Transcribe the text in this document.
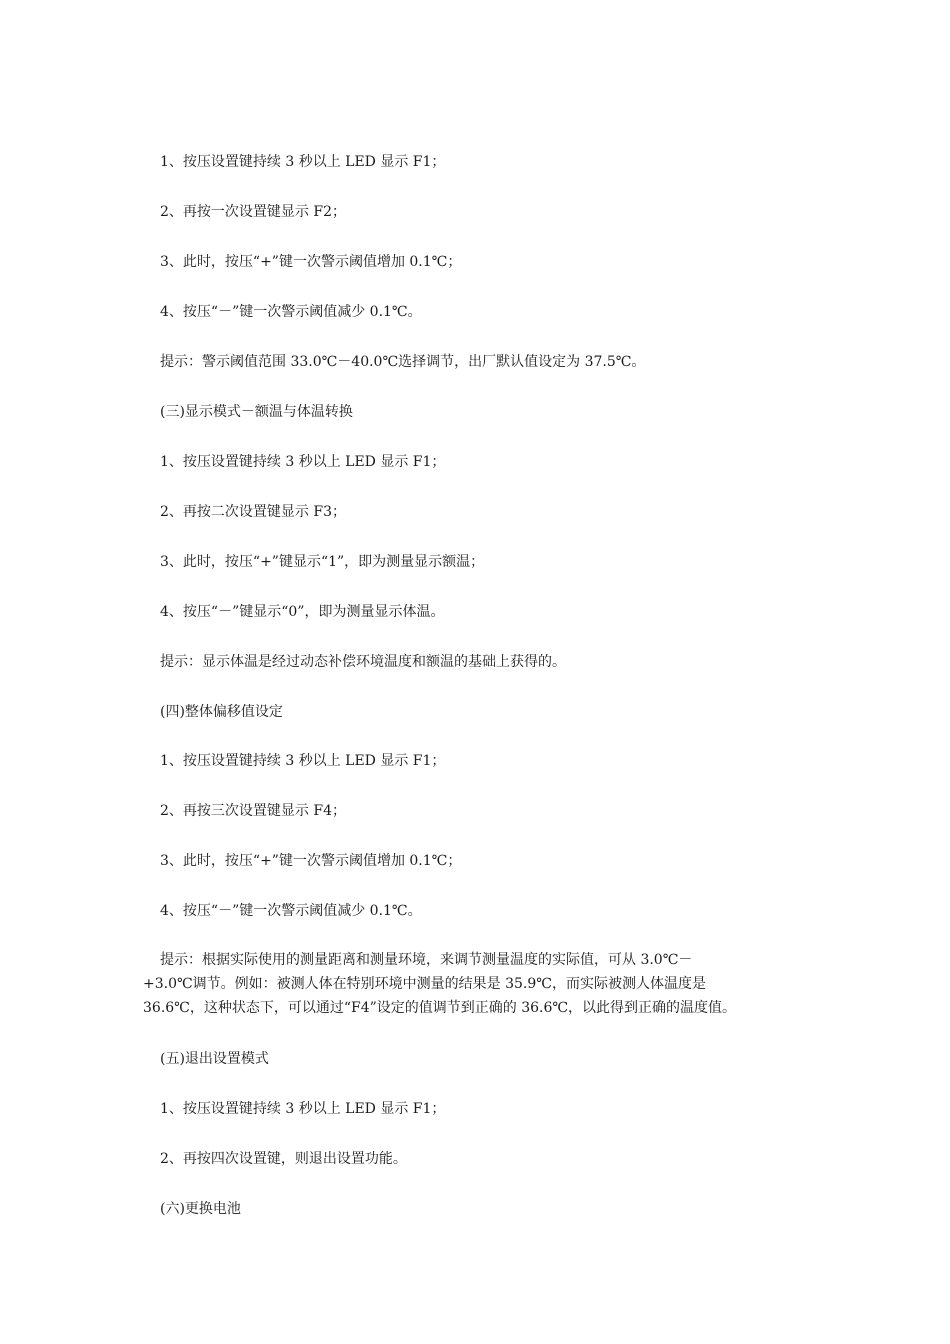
1、按压设置键持续 3 秒以上 LED 显示 F1；
2、再按一次设置键显示 F2；
3、此时，按压“+”键一次警示阈值增加 0.1℃；
4、按压“－”键一次警示阈值减少 0.1℃。
提示：警示阈值范围 33.0℃－40.0℃选择调节，出厂默认值设定为 37.5℃。
(三)显示模式－额温与体温转换
1、按压设置键持续 3 秒以上 LED 显示 F1；
2、再按二次设置键显示 F3；
3、此时，按压“+”键显示“1”，即为测量显示额温；
4、按压“－”键显示“0”，即为测量显示体温。
提示：显示体温是经过动态补偿环境温度和额温的基础上获得的。
(四)整体偏移值设定
1、按压设置键持续 3 秒以上 LED 显示 F1；
2、再按三次设置键显示 F4；
3、此时，按压“+”键一次警示阈值增加 0.1℃；
4、按压“－”键一次警示阈值减少 0.1℃。
提示：根据实际使用的测量距离和测量环境，来调节测量温度的实际值，可从 3.0℃－
+3.0℃调节。例如：被测人体在特别环境中测量的结果是 35.9℃，而实际被测人体温度是
36.6℃，这种状态下，可以通过“F4”设定的值调节到正确的 36.6℃，以此得到正确的温度值。
(五)退出设置模式
1、按压设置键持续 3 秒以上 LED 显示 F1；
2、再按四次设置键，则退出设置功能。
(六)更换电池
